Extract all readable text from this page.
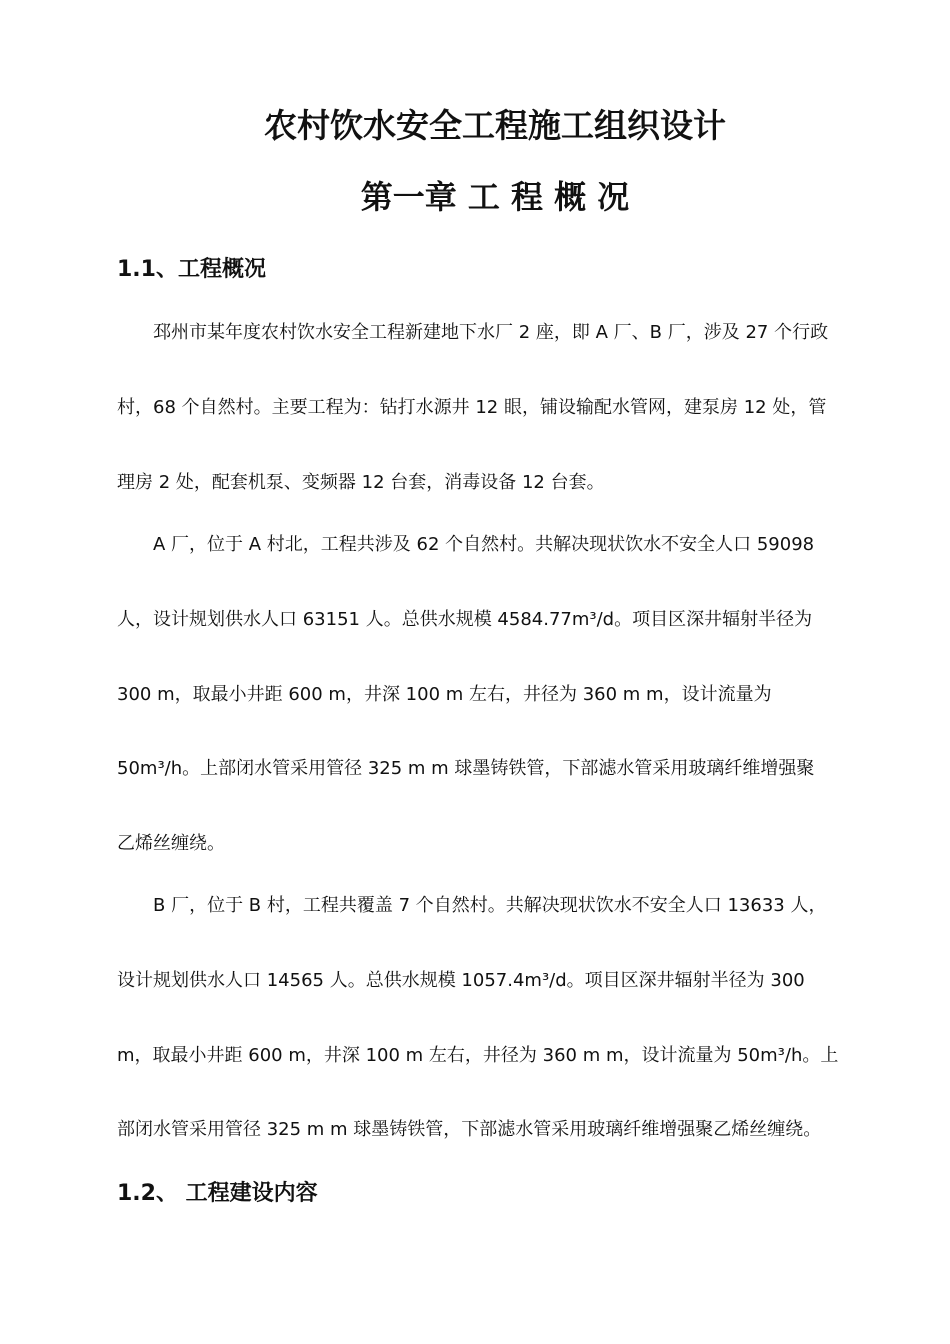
农村饮水安全工程施工组织设计
第一章 工 程 概 况
1.1、工程概况
邳州市某年度农村饮水安全工程新建地下水厂 2 座，即 A 厂、B 厂，涉及 27 个行政
村，68 个自然村。主要工程为：钻打水源井 12 眼，铺设输配水管网，建泵房 12 处，管
理房 2 处，配套机泵、变频器 12 台套，消毒设备 12 台套。
A 厂，位于 A 村北，工程共涉及 62 个自然村。共解决现状饮水不安全人口 59098
人，设计规划供水人口 63151 人。总供水规模 4584.77m³/d。项目区深井辐射半径为
300 m，取最小井距 600 m，井深 100 m 左右，井径为 360 m m，设计流量为
50m³/h。上部闭水管采用管径 325 m m 球墨铸铁管，下部滤水管采用玻璃纤维增强聚
乙烯丝缠绕。
B 厂，位于 B 村，工程共覆盖 7 个自然村。共解决现状饮水不安全人口 13633 人，
设计规划供水人口 14565 人。总供水规模 1057.4m³/d。项目区深井辐射半径为 300
m，取最小井距 600 m，井深 100 m 左右，井径为 360 m m，设计流量为 50m³/h。上
部闭水管采用管径 325 m m 球墨铸铁管，下部滤水管采用玻璃纤维增强聚乙烯丝缠绕。
1.2、 工程建设内容
